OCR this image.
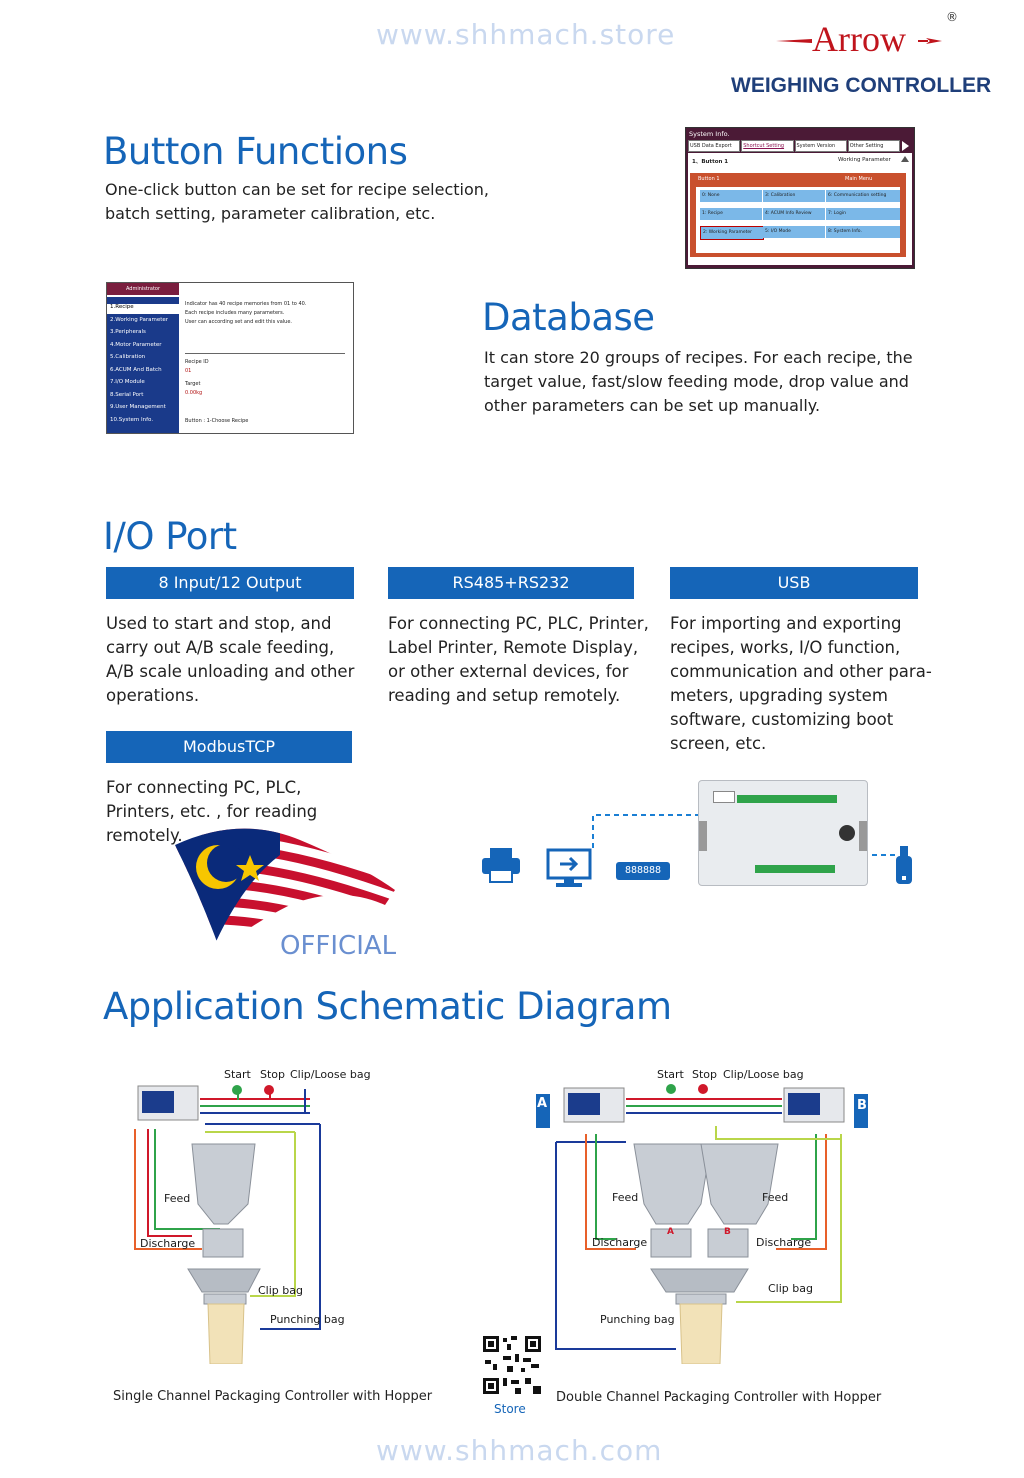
www.shhmach.store	Arrow
®
WEIGHING CONTROLLER
Button Functions
One-click button can be set for recipe selection, batch setting, parameter calibration, etc.
System Info.
USB Data Export	Shortcut Setting	System Version	Other Setting
1、Button 1	Working Parameter
Button 1	Main Menu
0: None	3: Calibration	6: Communication setting
1: Recipe	4: ACUM Info Review	7: Login
2: Working Parameter	5: I/O Mode	8: System Info.
Administrator
1.Recipe
2.Working Parameter
3.Peripherals
4.Motor Parameter
5.Calibration
6.ACUM And Batch
7.I/O Module
8.Serial Port
9.User Management
10.System Info.
Indicator has 40 recipe memories from 01 to 40.
Each recipe includes many parameters.
User can according set and edit this value.
Recipe ID
01
Target
0.00kg
Button : 1-Choose Recipe
Database
It can store 20 groups of recipes. For each recipe, the target value, fast/slow feeding mode, drop value and other parameters can be set up manually.
I/O Port
8 Input/12 Output
Used to start and stop, and carry out A/B scale feeding, A/B scale unloading and other operations.
RS485+RS232
For connecting PC, PLC, Printer, Label Printer, Remote Display, or other external devices, for reading and setup remotely.
USB
For importing and exporting recipes, works, I/O function, communication and other para-meters, upgrading system software, customizing boot screen, etc.
ModbusTCP
For connecting PC, PLC, Printers, etc. , for reading remotely.
OFFICIAL
888888
Application Schematic Diagram
Start Stop Clip/Loose bag
Feed
Discharge
Clip bag
Punching bag
Single Channel Packaging Controller with Hopper
A	B
Start Stop Clip/Loose bag
Feed	Feed
Discharge	Discharge
A	B
Clip bag
Punching bag
Double Channel Packaging Controller with Hopper
Store
www.shhmach.com
